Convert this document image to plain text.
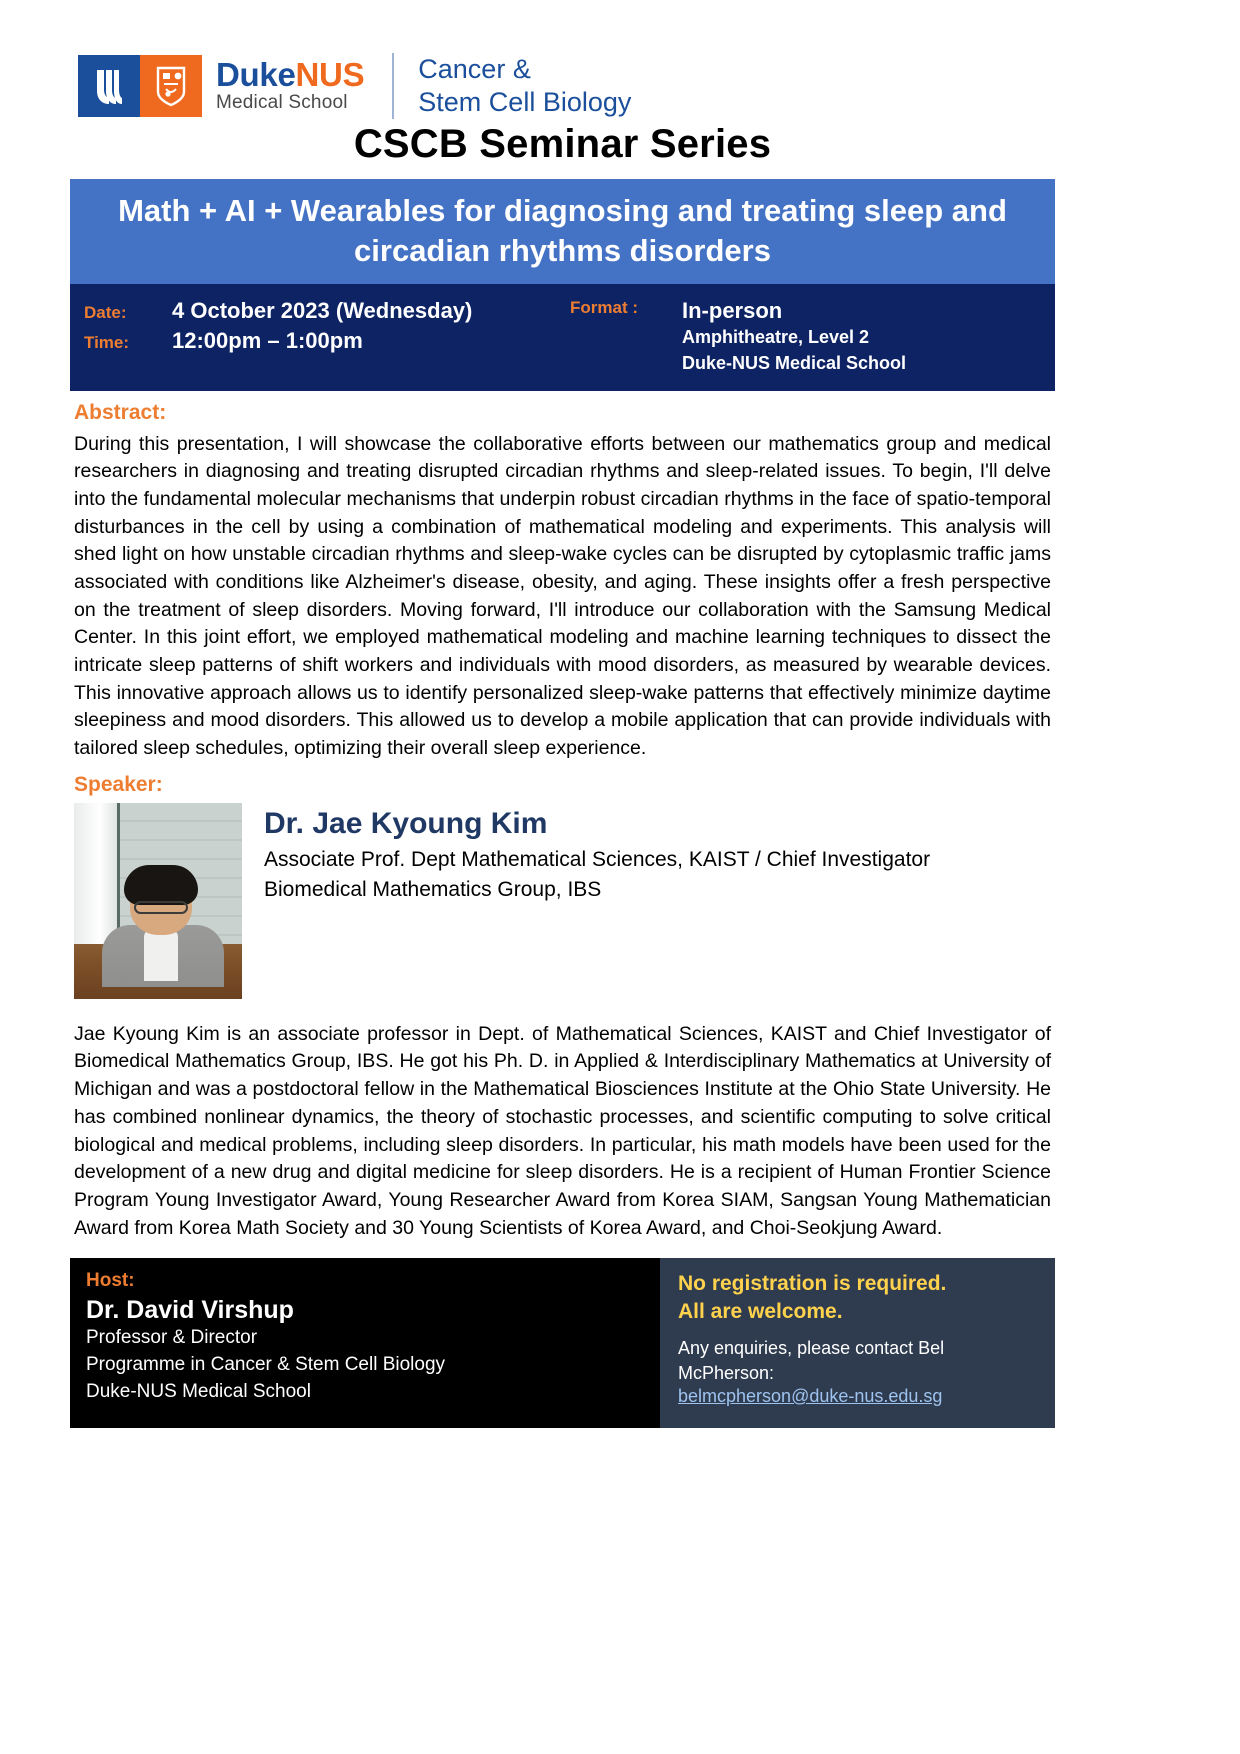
DukeNUS
Medical School
Cancer &
Stem Cell Biology
CSCB Seminar Series
Math + AI + Wearables for diagnosing and treating sleep and circadian rhythms disorders
Date:	4 October 2023 (Wednesday)
Time:	12:00pm – 1:00pm
Format :	In-person
Amphitheatre, Level 2
Duke-NUS Medical School
Abstract:
During this presentation, I will showcase the collaborative efforts between our mathematics group and medical researchers in diagnosing and treating disrupted circadian rhythms and sleep-related issues. To begin, I'll delve into the fundamental molecular mechanisms that underpin robust circadian rhythms in the face of spatio-temporal disturbances in the cell by using a combination of mathematical modeling and experiments. This analysis will shed light on how unstable circadian rhythms and sleep-wake cycles can be disrupted by cytoplasmic traffic jams associated with conditions like Alzheimer's disease, obesity, and aging. These insights offer a fresh perspective on the treatment of sleep disorders. Moving forward, I'll introduce our collaboration with the Samsung Medical Center. In this joint effort, we employed mathematical modeling and machine learning techniques to dissect the intricate sleep patterns of shift workers and individuals with mood disorders, as measured by wearable devices. This innovative approach allows us to identify personalized sleep-wake patterns that effectively minimize daytime sleepiness and mood disorders. This allowed us to develop a mobile application that can provide individuals with tailored sleep schedules, optimizing their overall sleep experience.
Speaker:
Dr. Jae Kyoung Kim
Associate Prof. Dept Mathematical Sciences, KAIST / Chief Investigator
Biomedical Mathematics Group, IBS
Jae Kyoung Kim is an associate professor in Dept. of Mathematical Sciences, KAIST and Chief Investigator of Biomedical Mathematics Group, IBS. He got his Ph. D. in Applied & Interdisciplinary Mathematics at University of Michigan and was a postdoctoral fellow in the Mathematical Biosciences Institute at the Ohio State University. He has combined nonlinear dynamics, the theory of stochastic processes, and scientific computing to solve critical biological and medical problems, including sleep disorders. In particular, his math models have been used for the development of a new drug and digital medicine for sleep disorders. He is a recipient of Human Frontier Science Program Young Investigator Award, Young Researcher Award from Korea SIAM, Sangsan Young Mathematician Award from Korea Math Society and 30 Young Scientists of Korea Award, and Choi-Seokjung Award.
Host:
Dr. David Virshup
Professor & Director
Programme in Cancer & Stem Cell Biology
Duke-NUS Medical School
No registration is required.
All are welcome.
Any enquiries, please contact Bel McPherson:
belmcpherson@duke-nus.edu.sg
